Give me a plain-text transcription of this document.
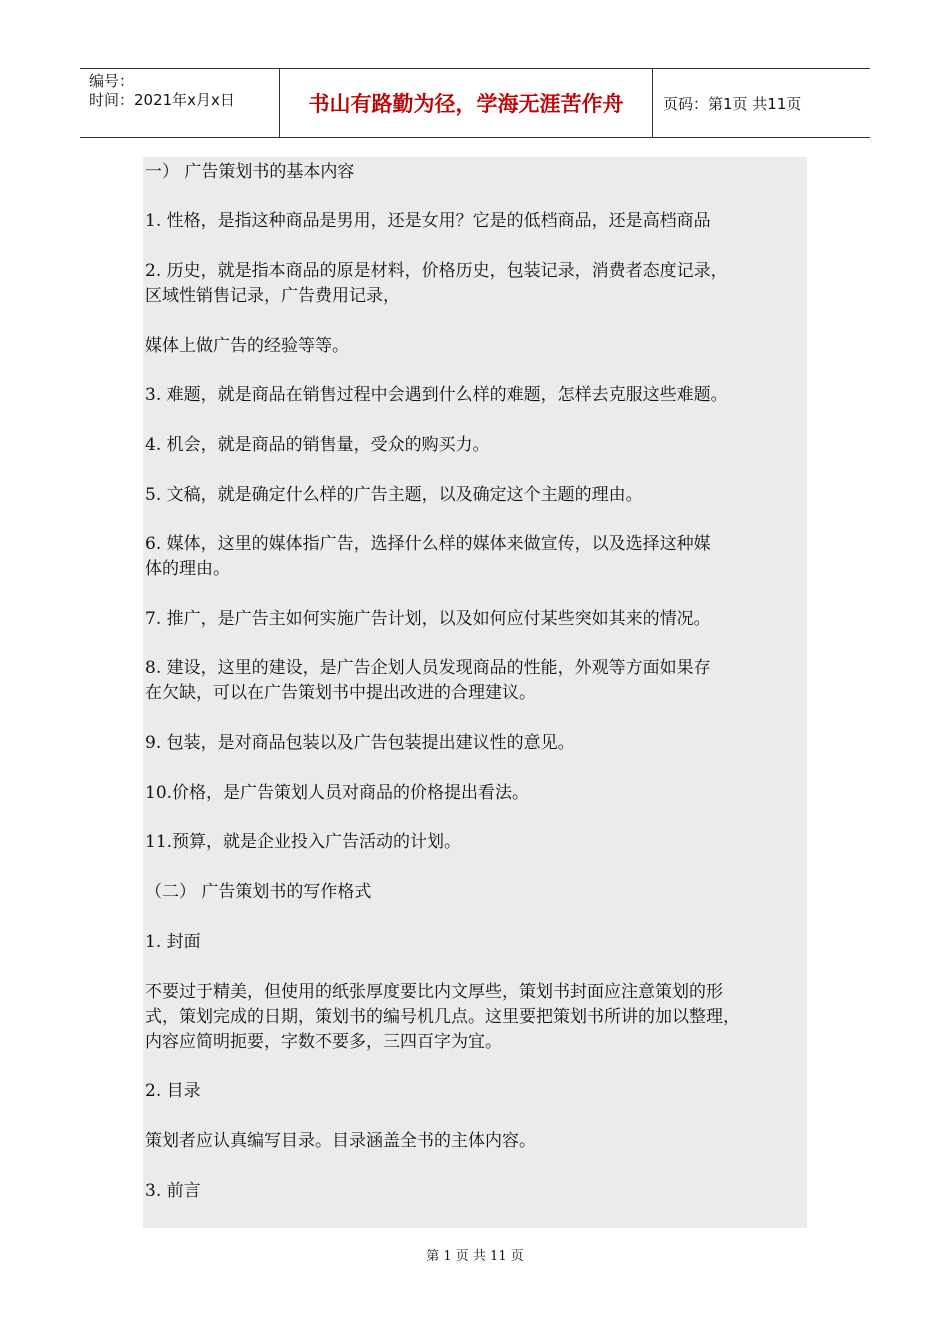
编号：
时间：2021年x月x日	书山有路勤为径，学海无涯苦作舟	页码：第1页 共11页
一） 广告策划书的基本内容
1. 性格，是指这种商品是男用，还是女用？它是的低档商品，还是高档商品
2. 历史，就是指本商品的原是材料，价格历史，包装记录，消费者态度记录，
区域性销售记录，广告费用记录，
媒体上做广告的经验等等。
3. 难题，就是商品在销售过程中会遇到什么样的难题，怎样去克服这些难题。
4. 机会，就是商品的销售量，受众的购买力。
5. 文稿，就是确定什么样的广告主题，以及确定这个主题的理由。
6. 媒体，这里的媒体指广告，选择什么样的媒体来做宣传，以及选择这种媒
体的理由。
7. 推广，是广告主如何实施广告计划，以及如何应付某些突如其来的情况。
8. 建设，这里的建设，是广告企划人员发现商品的性能，外观等方面如果存
在欠缺，可以在广告策划书中提出改进的合理建议。
9. 包装，是对商品包装以及广告包装提出建议性的意见。
10.价格，是广告策划人员对商品的价格提出看法。
11.预算，就是企业投入广告活动的计划。
（二） 广告策划书的写作格式
1. 封面
不要过于精美，但使用的纸张厚度要比内文厚些，策划书封面应注意策划的形
式，策划完成的日期，策划书的编号机几点。这里要把策划书所讲的加以整理，
内容应简明扼要，字数不要多，三四百字为宜。
2. 目录
策划者应认真编写目录。目录涵盖全书的主体内容。
3. 前言
第 1 页 共 11 页
